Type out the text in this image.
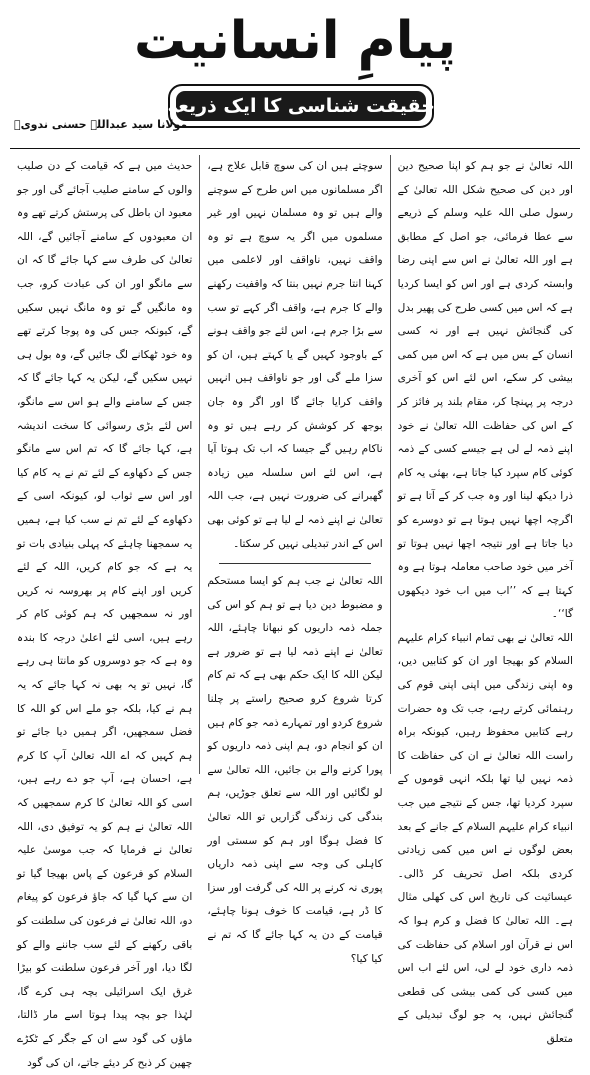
پیامِ انسانیت
حقیقت شناسی کا ایک ذریعہ
مولانا سید عبداللہ حسنی ندویؒ

اللہ تعالیٰ نے جو ہم کو اپنا صحیح دین اور دین کی صحیح شکل اللہ تعالیٰ کے رسول صلی اللہ علیہ وسلم کے ذریعے سے عطا فرمائی، جو اصل کے مطابق ہے اور اللہ تعالیٰ نے اس سے اپنی رضا وابستہ کردی ہے اور اس کو ایسا کردیا ہے کہ اس میں کسی طرح کی پھیر بدل کی گنجائش نہیں ہے اور نہ کسی انسان کے بس میں ہے کہ اس میں کمی بیشی کر سکے، اس لئے اس کو آخری درجہ پر پہنچا کر، مقام بلند پر فائز کر کے اس کی حفاظت اللہ تعالیٰ نے خود اپنے ذمہ لے لی ہے جیسے کسی کے ذمہ کوئی کام سپرد کیا جاتا ہے، بھئی یہ کام ذرا دیکھ لینا اور وہ جب کر کے آتا ہے تو اگرچہ اچھا نہیں ہوتا ہے تو دوسرے کو دیا جاتا ہے اور نتیجہ اچھا نہیں ہوتا تو آخر میں خود صاحب معاملہ ہوتا ہے وہ کہتا ہے کہ ’’اب میں اب خود دیکھوں گا‘‘۔

اللہ تعالیٰ نے بھی تمام انبیاء کرام علیہم السلام کو بھیجا اور ان کو کتابیں دیں، وہ اپنی زندگی میں اپنی اپنی قوم کی رہنمائی کرتے رہے، جب تک وہ حضرات رہے کتابیں محفوظ رہیں، کیونکہ براہ راست اللہ تعالیٰ نے ان کی حفاظت کا ذمہ نہیں لیا تھا بلکہ انہی قوموں کے سپرد کردیا تھا، جس کے نتیجے میں جب انبیاء کرام علیہم السلام کے جانے کے بعد بعض لوگوں نے اس میں کمی زیادتی کردی بلکہ اصل تحریف کر ڈالی۔ عیسائیت کی تاریخ اس کی کھلی مثال ہے۔ اللہ تعالیٰ کا فضل و کرم ہوا کہ اس نے قرآن اور اسلام کی حفاظت کی ذمہ داری خود لے لی، اس لئے اب اس میں کسی کی کمی بیشی کی قطعی گنجائش نہیں، یہ جو لوگ تبدیلی کے متعلق

سوچتے ہیں ان کی سوچ قابل علاج ہے، اگر مسلمانوں میں اس طرح کے سوچنے والے ہیں تو وہ مسلمان نہیں اور غیر مسلموں میں اگر یہ سوچ ہے تو وہ واقف نہیں، ناواقف اور لاعلمی میں کہنا انتا جرم نہیں بنتا کہ واقفیت رکھنے والے کا جرم ہے، واقف اگر کہے تو سب سے بڑا جرم ہے، اس لئے جو واقف ہونے کے باوجود کہیں گے یا کہتے ہیں، ان کو سزا ملے گی اور جو ناواقف ہیں انہیں واقف کرایا جائے گا اور اگر وہ جان بوجھ کر کوشش کر رہے ہیں تو وہ ناکام رہیں گے جیسا کہ اب تک ہوتا آیا ہے، اس لئے اس سلسلہ میں زیادہ گھبرانے کی ضرورت نہیں ہے، جب اللہ تعالیٰ نے اپنے ذمہ لے لیا ہے تو کوئی بھی اس کے اندر تبدیلی نہیں کر سکتا۔

اللہ تعالیٰ نے جب ہم کو ایسا مستحکم و مضبوط دین دیا ہے تو ہم کو اس کی جملہ ذمہ داریوں کو نبھانا چاہئے، اللہ تعالیٰ نے اپنے ذمہ لیا ہے تو ضرور ہے لیکن اللہ کا ایک حکم بھی ہے کہ تم کام کرتا شروع کرو صحیح راستے پر چلنا شروع کردو اور تمہارے ذمہ جو کام ہیں ان کو انجام دو، ہم اپنی ذمہ داریوں کو پورا کرنے والے بن جائیں، اللہ تعالیٰ سے لو لگائیں اور اللہ سے تعلق جوڑیں، ہم بندگی کی زندگی گزاریں تو اللہ تعالیٰ کا فضل ہوگا اور ہم کو سستی اور کاہلی کی وجہ سے اپنی ذمہ داریاں پوری نہ کرنے پر اللہ کی گرفت اور سزا کا ڈر ہے، قیامت کا خوف ہونا چاہئے، قیامت کے دن یہ کہا جائے گا کہ تم نے کیا کیا؟

حدیث میں ہے کہ قیامت کے دن صلیب والوں کے سامنے صلیب آجائے گی اور جو معبود ان باطل کی پرستش کرتے تھے وہ ان معبودوں کے سامنے آجائیں گے، اللہ تعالیٰ کی طرف سے کہا جائے گا کہ ان سے مانگو اور ان کی عبادت کرو، جب وہ مانگیں گے تو وہ مانگ نہیں سکیں گے، کیونکہ جس کی وہ پوجا کرتے تھے وہ خود ٹھکانے لگ جائیں گے، وہ بول ہی نہیں سکیں گے، لیکن یہ کہا جائے گا کہ جس کے سامنے والے ہو اس سے مانگو، اس لئے بڑی رسوائی کا سخت اندیشہ ہے، کہا جائے گا کہ تم اس سے مانگو جس کے دکھاوے کے لئے تم نے یہ کام کیا اور اس سے ثواب لو، کیونکہ اسی کے دکھاوے کے لئے تم نے سب کیا ہے، ہمیں یہ سمجھنا چاہئے کہ پہلی بنیادی بات تو یہ ہے کہ جو کام کریں، اللہ کے لئے کریں اور اپنے کام پر بھروسہ نہ کریں اور نہ سمجھیں کہ ہم کوئی کام کر رہے ہیں، اسی لئے اعلیٰ درجہ کا بندہ وہ ہے کہ جو دوسروں کو مانتا ہی رہے گا، نہیں تو یہ بھی نہ کہا جائے کہ یہ ہم نے کیا، بلکہ جو ملے اس کو اللہ کا فضل سمجھیں، اگر ہمیں دیا جائے تو ہم کہیں کہ اے اللہ تعالیٰ آپ کا کرم ہے، احسان ہے، آپ جو دے رہے ہیں، اسی کو اللہ تعالیٰ کا کرم سمجھیں کہ اللہ تعالیٰ نے ہم کو یہ توفیق دی، اللہ تعالیٰ نے فرمایا کہ جب موسیٰ علیہ السلام کو فرعون کے پاس بھیجا گیا تو ان سے کہا گیا کہ جاؤ فرعون کو پیغام دو، اللہ تعالیٰ نے فرعون کی سلطنت کو باقی رکھنے کے لئے سب جاننے والے کو لگا دیا، اور آخر فرعون سلطنت کو بیڑا غرق ایک اسرائیلی بچہ ہی کرے گا، لہٰذا جو بچہ پیدا ہوتا اسے مار ڈالتا، ماؤں کی گود سے ان کے جگر کے ٹکڑے چھین کر ذبح کر دیئے جاتے، ان کی گود
